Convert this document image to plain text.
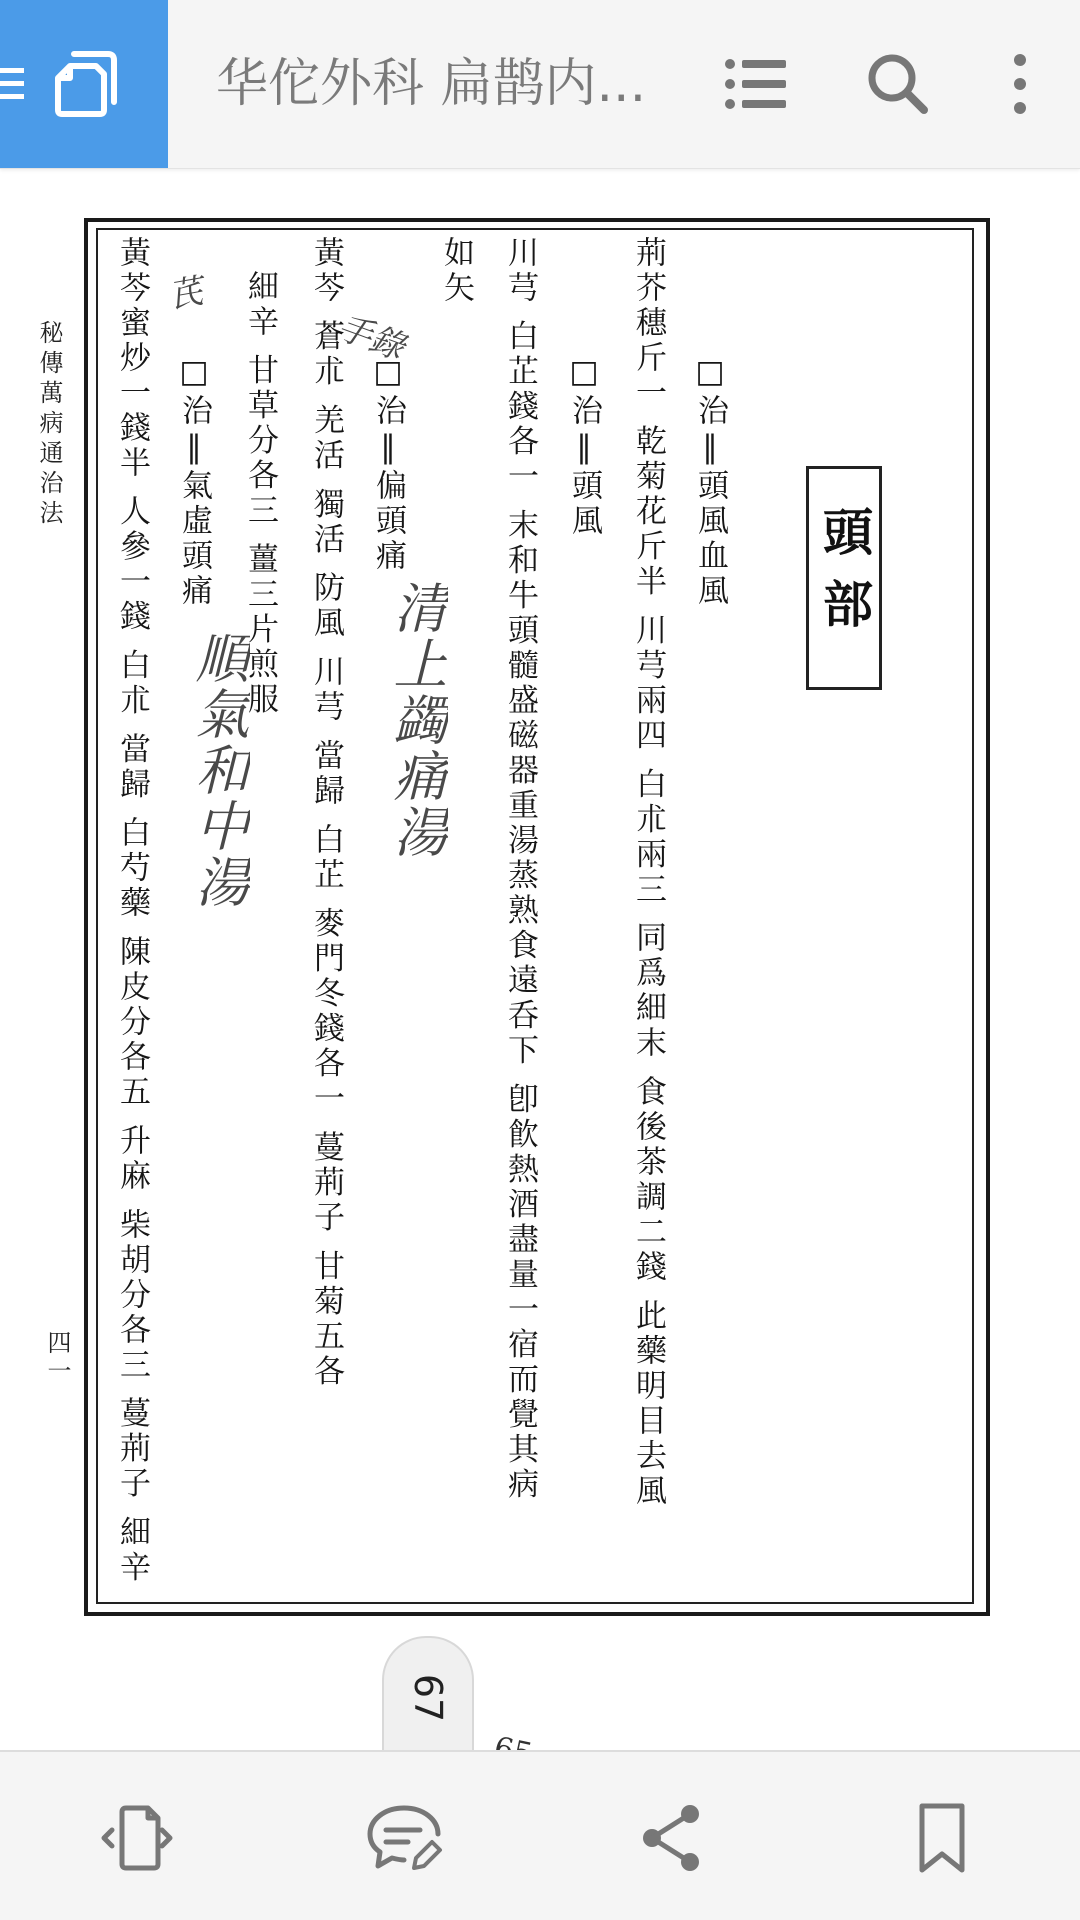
华佗外科 扁鹊内...
秘傳萬病通治法
四一
頭部
□治‖頭風血風
荊芥穗斤一 乾菊花斤半 川芎兩四 白朮兩三 同爲細末 食後茶調二錢 此藥明目去風
□治‖頭風
川芎 白芷錢各一 末和牛頭髓盛磁器重湯蒸熟食遠呑下 卽飮熱酒盡量一宿而覺其病
如矢
□治‖偏頭痛
黃芩 蒼朮 羌活 獨活 防風 川芎 當歸 白芷 麥門冬錢各一 蔓荊子 甘菊五各
細辛 甘草分各三 薑三片煎服
□治‖氣虛頭痛
黃芩蜜炒一錢半 人參一錢 白朮 當歸 白芍藥 陳皮分各五 升麻 柴胡分各三 蔓荊子 細辛	清上蠲痛湯
順氣和中湯
手錄
芪
67
